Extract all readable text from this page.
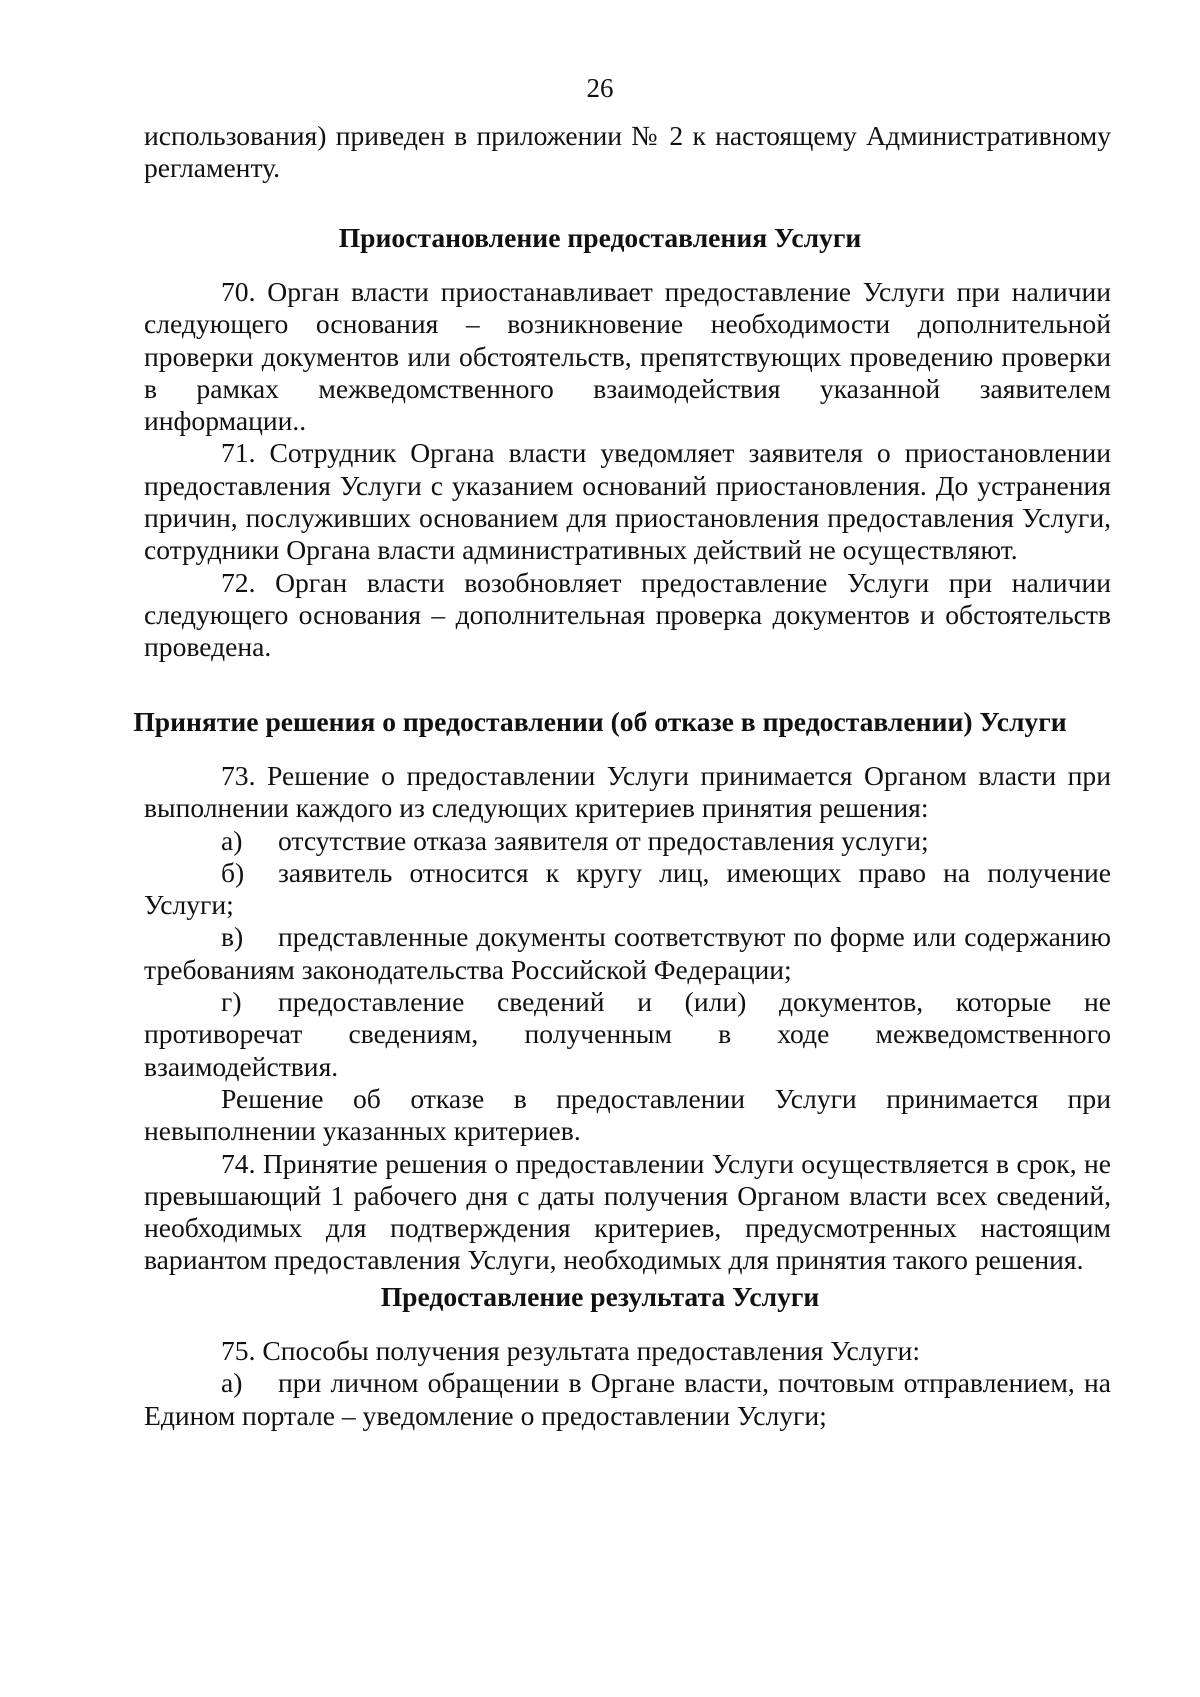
26

использования) приведен в приложении № 2 к настоящему Административному регламенту.

Приостановление предоставления Услуги

70. Орган власти приостанавливает предоставление Услуги при наличии следующего основания – возникновение необходимости дополнительной проверки документов или обстоятельств, препятствующих проведению проверки в рамках межведомственного взаимодействия указанной заявителем информации..

71. Сотрудник Органа власти уведомляет заявителя о приостановлении предоставления Услуги с указанием оснований приостановления. До устранения причин, послуживших основанием для приостановления предоставления Услуги, сотрудники Органа власти административных действий не осуществляют.

72. Орган власти возобновляет предоставление Услуги при наличии следующего основания – дополнительная проверка документов и обстоятельств проведена.

Принятие решения о предоставлении (об отказе в предоставлении) Услуги

73. Решение о предоставлении Услуги принимается Органом власти при выполнении каждого из следующих критериев принятия решения:

а) отсутствие отказа заявителя от предоставления услуги;

б) заявитель относится к кругу лиц, имеющих право на получение Услуги;

в) представленные документы соответствуют по форме или содержанию требованиям законодательства Российской Федерации;

г) предоставление сведений и (или) документов, которые не противоречат сведениям, полученным в ходе межведомственного взаимодействия.

Решение об отказе в предоставлении Услуги принимается при невыполнении указанных критериев.

74. Принятие решения о предоставлении Услуги осуществляется в срок, не превышающий 1 рабочего дня с даты получения Органом власти всех сведений, необходимых для подтверждения критериев, предусмотренных настоящим вариантом предоставления Услуги, необходимых для принятия такого решения.

Предоставление результата Услуги

75. Способы получения результата предоставления Услуги:

а) при личном обращении в Органе власти, почтовым отправлением, на Едином портале – уведомление о предоставлении Услуги;
